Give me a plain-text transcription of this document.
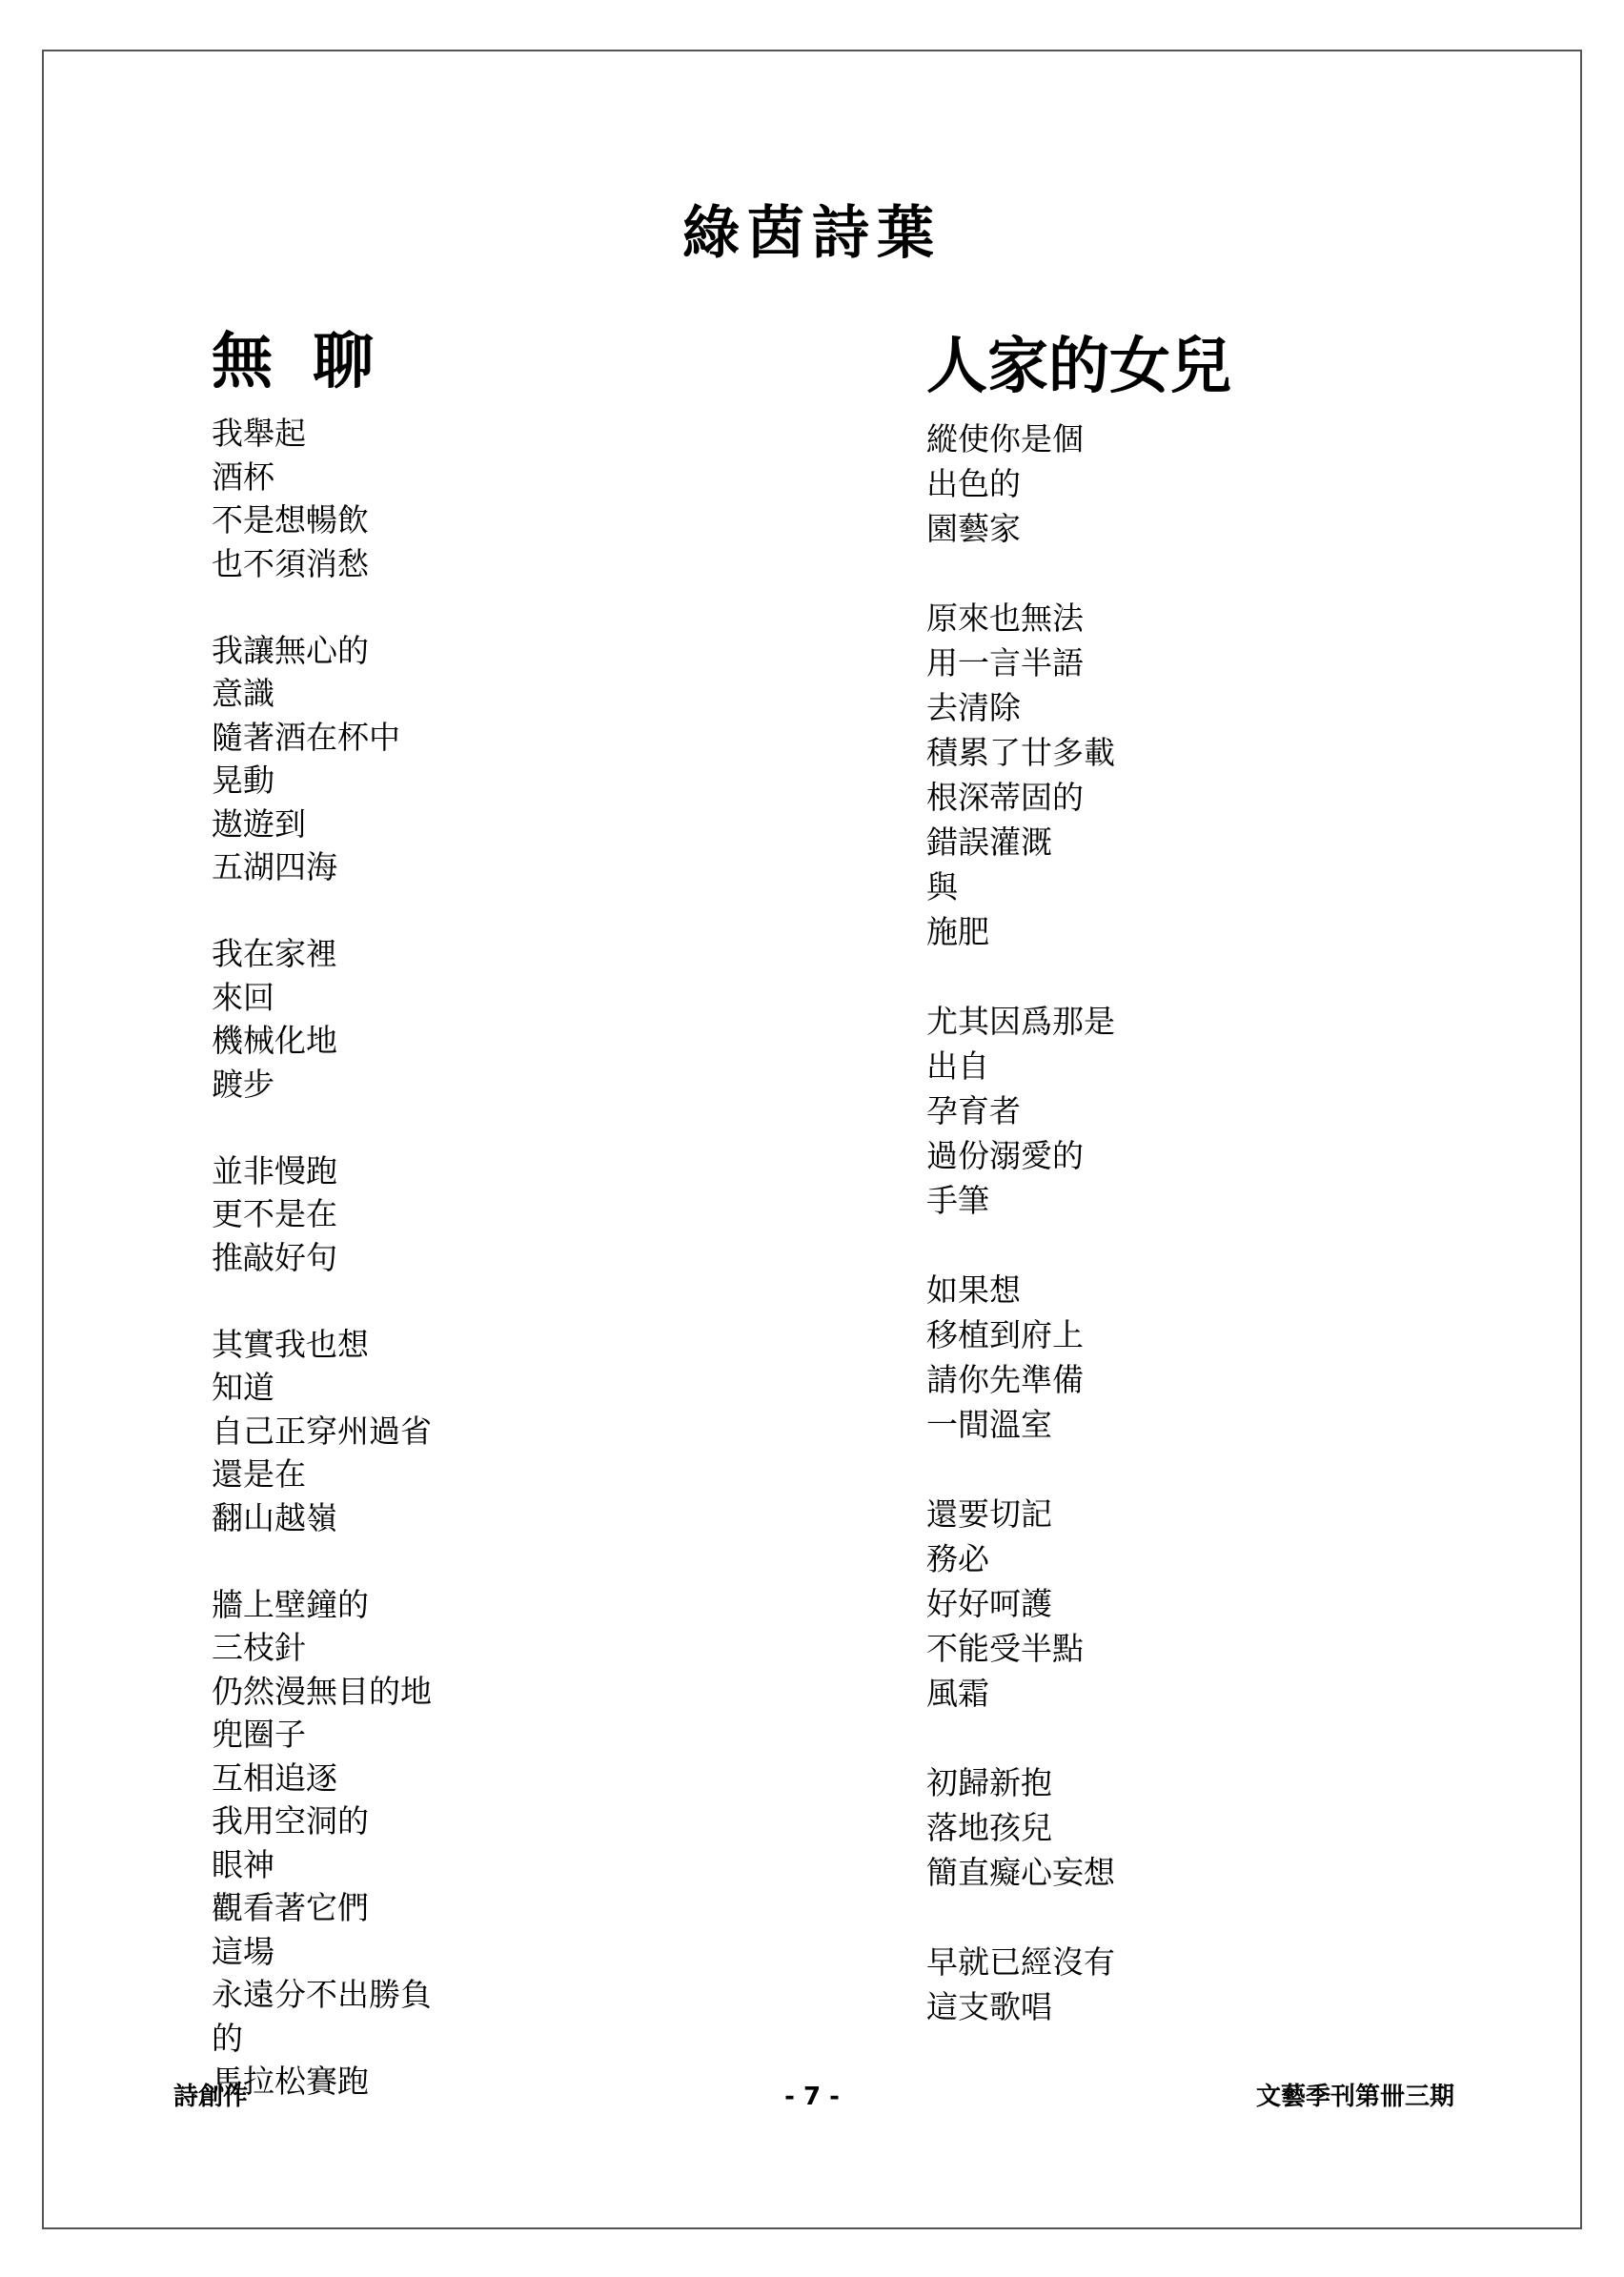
綠茵詩葉
無聊
我舉起
酒杯
不是想暢飲
也不須消愁
我讓無心的
意識
隨著酒在杯中
晃動
遨遊到
五湖四海
我在家裡
來回
機械化地
踱步
並非慢跑
更不是在
推敲好句
其實我也想
知道
自己正穿州過省
還是在
翻山越嶺
牆上壁鐘的
三枝針
仍然漫無目的地
兜圈子
互相追逐
我用空洞的
眼神
觀看著它們
這場
永遠分不出勝負
的
馬拉松賽跑
人家的女兒
縱使你是個
出色的
園藝家
原來也無法
用一言半語
去清除
積累了廿多載
根深蒂固的
錯誤灌溉
與
施肥
尤其因爲那是
出自
孕育者
過份溺愛的
手筆
如果想
移植到府上
請你先準備
一間溫室
還要切記
務必
好好呵護
不能受半點
風霜
初歸新抱
落地孩兒
簡直癡心妄想
早就已經沒有
這支歌唱
詩創作	- 7 -	文藝季刊第卌三期
